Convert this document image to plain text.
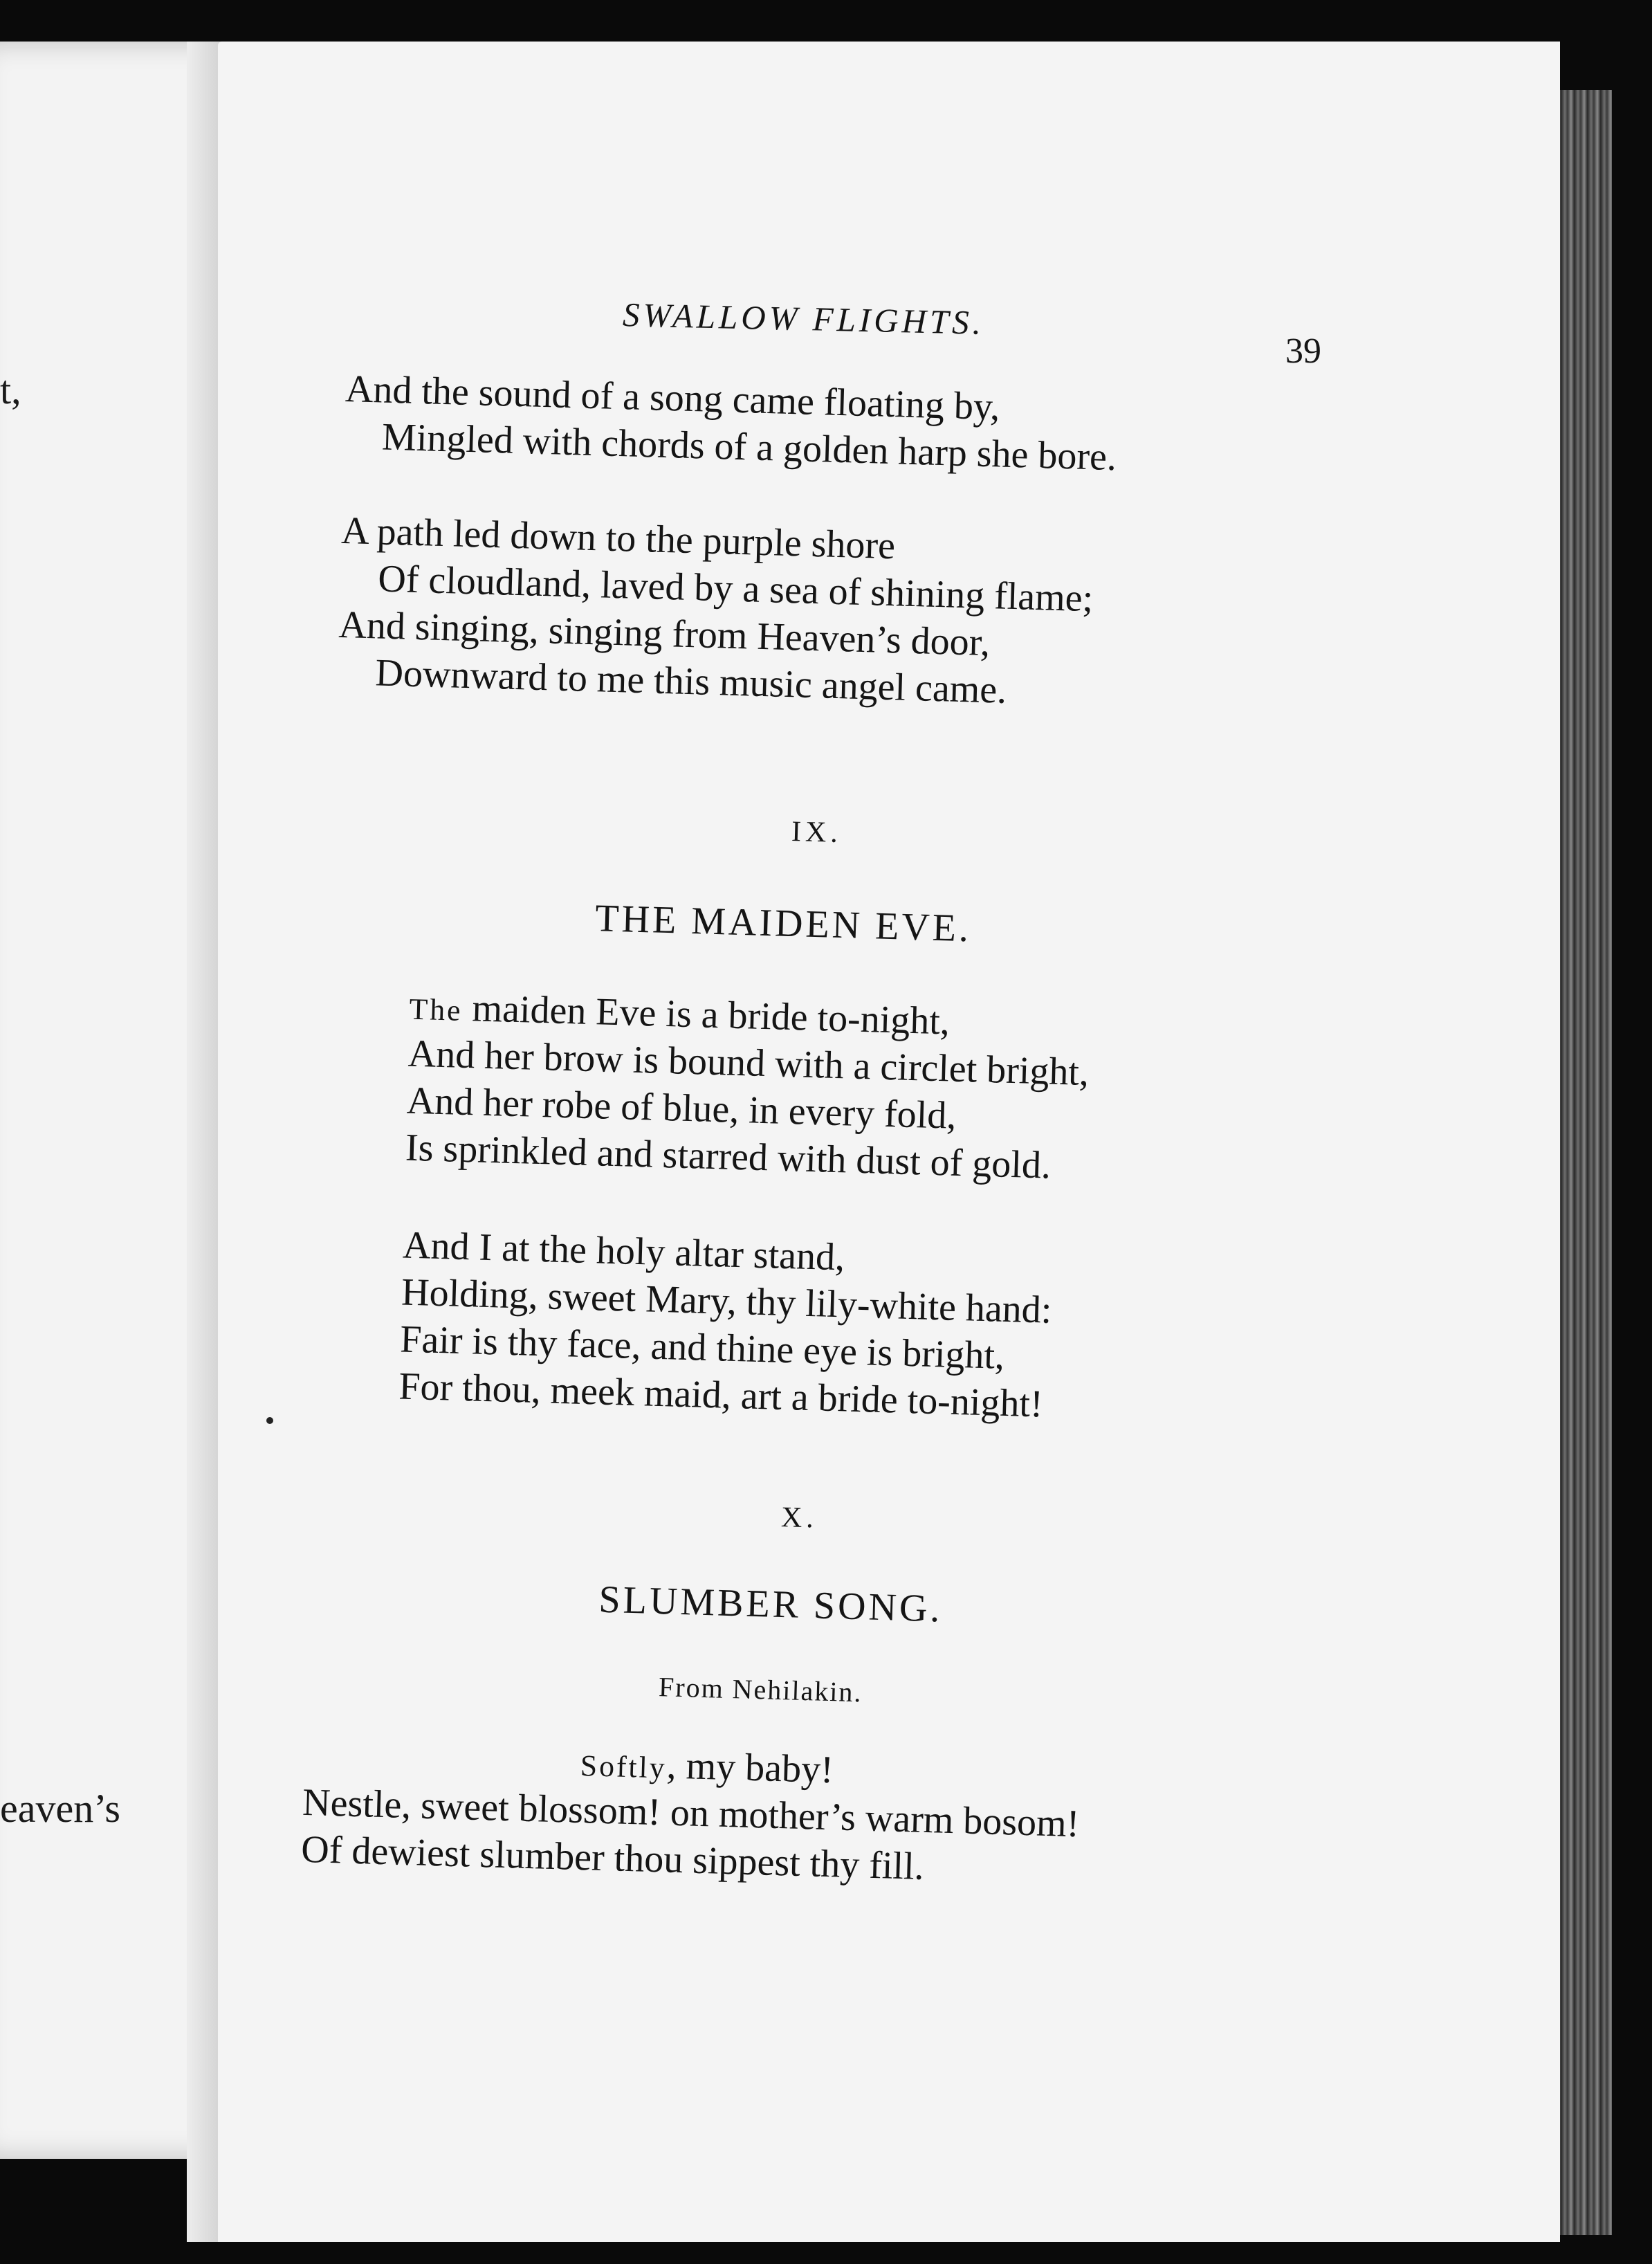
t,
eaven’s
SWALLOW FLIGHTS.
39
And the sound of a song came floating by,
Mingled with chords of a golden harp she bore.
A path led down to the purple shore
Of cloudland, laved by a sea of shining flame;
And singing, singing from Heaven’s door,
Downward to me this music angel came.
IX.
THE MAIDEN EVE.
The maiden Eve is a bride to-night,
And her brow is bound with a circlet bright,
And her robe of blue, in every fold,
Is sprinkled and starred with dust of gold.
And I at the holy altar stand,
Holding, sweet Mary, thy lily-white hand:
Fair is thy face, and thine eye is bright,
For thou, meek maid, art a bride to-night!
X.
SLUMBER SONG.
From Nehilakin.
Softly, my baby!
Nestle, sweet blossom! on mother’s warm bosom!
Of dewiest slumber thou sippest thy fill.
